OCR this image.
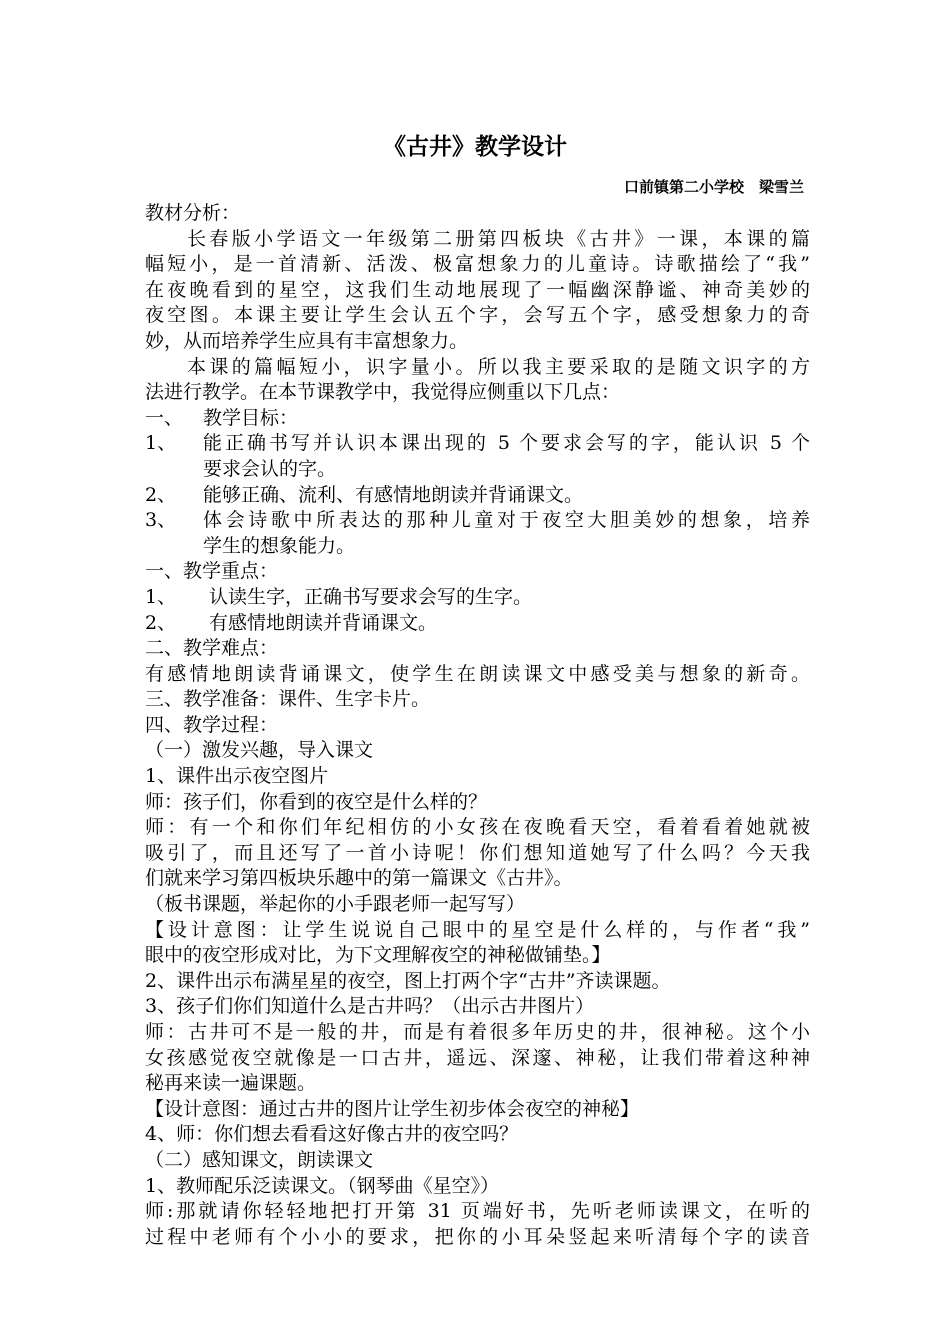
《古井》教学设计
口前镇第二小学校　梁雪兰
教材分析：
长春版小学语文一年级第二册第四板块《古井》一课，本课的篇
幅短小，是一首清新、活泼、极富想象力的儿童诗。诗歌描绘了“我”
在夜晚看到的星空，这我们生动地展现了一幅幽深静谧、神奇美妙的
夜空图。本课主要让学生会认五个字，会写五个字，感受想象力的奇
妙，从而培养学生应具有丰富想象力。
本课的篇幅短小，识字量小。所以我主要采取的是随文识字的方
法进行教学。在本节课教学中，我觉得应侧重以下几点：
一、 教学目标：
1、 能正确书写并认识本课出现的 5 个要求会写的字，能认识 5 个
要求会认的字。
2、 能够正确、流利、有感情地朗读并背诵课文。
3、 体会诗歌中所表达的那种儿童对于夜空大胆美妙的想象，培养
学生的想象能力。
一、教学重点：
1、 认读生字，正确书写要求会写的生字。
2、 有感情地朗读并背诵课文。
二、教学难点：
有感情地朗读背诵课文，使学生在朗读课文中感受美与想象的新奇。
三、教学准备：课件、生字卡片。
四、教学过程：
（一）激发兴趣，导入课文
1、课件出示夜空图片
师：孩子们，你看到的夜空是什么样的？
师：有一个和你们年纪相仿的小女孩在夜晚看天空，看着看着她就被
吸引了，而且还写了一首小诗呢！你们想知道她写了什么吗？今天我
们就来学习第四板块乐趣中的第一篇课文《古井》。
（板书课题，举起你的小手跟老师一起写写）
【设计意图：让学生说说自己眼中的星空是什么样的，与作者“我”
眼中的夜空形成对比，为下文理解夜空的神秘做铺垫。】
2、课件出示布满星星的夜空，图上打两个字“古井”齐读课题。
3、孩子们你们知道什么是古井吗？（出示古井图片）
师：古井可不是一般的井，而是有着很多年历史的井，很神秘。这个小
女孩感觉夜空就像是一口古井，遥远、深邃、神秘，让我们带着这种神
秘再来读一遍课题。
【设计意图：通过古井的图片让学生初步体会夜空的神秘】
4、师：你们想去看看这好像古井的夜空吗？
（二）感知课文，朗读课文
1、教师配乐泛读课文。（钢琴曲《星空》）
师:那就请你轻轻地把打开第 31 页端好书，先听老师读课文，在听的
过程中老师有个小小的要求，把你的小耳朵竖起来听清每个字的读音
